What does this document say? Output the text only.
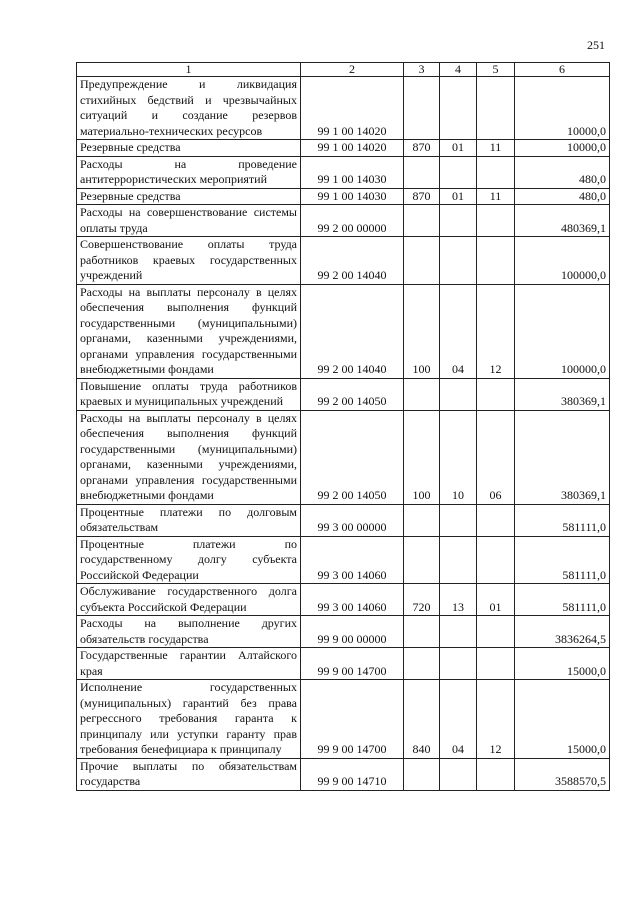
251
1	2	3	4	5	6
Предупреждение и ликвидация стихийных бедствий и чрезвычайных ситуаций и создание резервов материально-технических ресурсов	99 1 00 14020				10000,0
Резервные средства	99 1 00 14020	870	01	11	10000,0
Расходы на проведение антитеррористических мероприятий	99 1 00 14030				480,0
Резервные средства	99 1 00 14030	870	01	11	480,0
Расходы на совершенствование системы оплаты труда	99 2 00 00000				480369,1
Совершенствование оплаты труда работников краевых государственных учреждений	99 2 00 14040				100000,0
Расходы на выплаты персоналу в целях обеспечения выполнения функций государственными (муниципальными) органами, казенными учреждениями, органами управления государственными внебюджетными фондами	99 2 00 14040	100	04	12	100000,0
Повышение оплаты труда работников краевых и муниципальных учреждений	99 2 00 14050				380369,1
Расходы на выплаты персоналу в целях обеспечения выполнения функций государственными (муниципальными) органами, казенными учреждениями, органами управления государственными внебюджетными фондами	99 2 00 14050	100	10	06	380369,1
Процентные платежи по долговым обязательствам	99 3 00 00000				581111,0
Процентные платежи по государственному долгу субъекта Российской Федерации	99 3 00 14060				581111,0
Обслуживание государственного долга субъекта Российской Федерации	99 3 00 14060	720	13	01	581111,0
Расходы на выполнение других обязательств государства	99 9 00 00000				3836264,5
Государственные гарантии Алтайского края	99 9 00 14700				15000,0
Исполнение государственных (муниципальных) гарантий без права регрессного требования гаранта к принципалу или уступки гаранту прав требования бенефициара к принципалу	99 9 00 14700	840	04	12	15000,0
Прочие выплаты по обязательствам государства	99 9 00 14710				3588570,5
